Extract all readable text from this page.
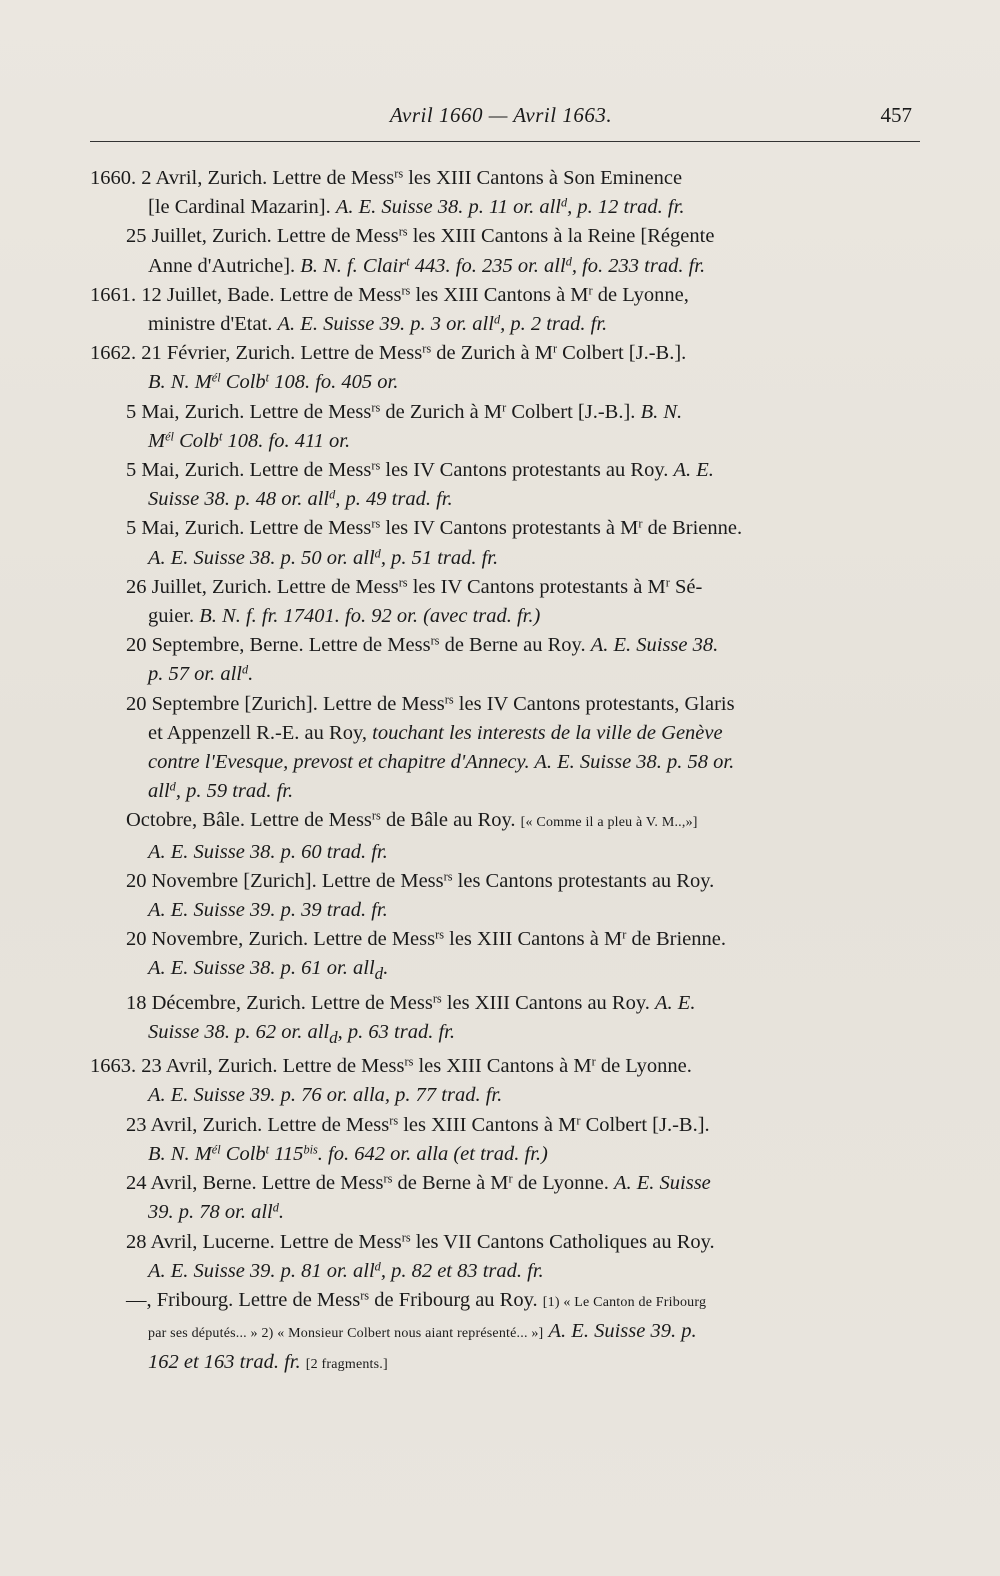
Avril 1660 — Avril 1663.	457

1660. 2 Avril, Zurich. Lettre de Mess$^{rs}$ les XIII Cantons à Son Eminence
[le Cardinal Mazarin]. A. E. Suisse 38. p. 11 or. all$^d$, p. 12 trad. fr.

25 Juillet, Zurich. Lettre de Mess$^{rs}$ les XIII Cantons à la Reine [Régente
Anne d'Autriche]. B. N. f. Clair$^t$ 443. fo. 235 or. all$^d$, fo. 233 trad. fr.

1661. 12 Juillet, Bade. Lettre de Mess$^{rs}$ les XIII Cantons à $M^r$ de Lyonne,
ministre d'Etat. A. E. Suisse 39. p. 3 or. all$^d$, p. 2 trad. fr.

1662. 21 Février, Zurich. Lettre de Mess$^{rs}$ de Zurich à $M^r$ Colbert [J.-B.].
B. N. $M^{él}$ Colb$^t$ 108. fo. 405 or.

5 Mai, Zurich. Lettre de Mess$^{rs}$ de Zurich à $M^r$ Colbert [J.-B.]. B. N.
$M^{él}$ Colb$^t$ 108. fo. 411 or.

5 Mai, Zurich. Lettre de Mess$^{rs}$ les IV Cantons protestants au Roy. A. E.
Suisse 38. p. 48 or. all$^d$, p. 49 trad. fr.

5 Mai, Zurich. Lettre de Mess$^{rs}$ les IV Cantons protestants à $M^r$ de Brienne.
A. E. Suisse 38. p. 50 or. all$^d$, p. 51 trad. fr.

26 Juillet, Zurich. Lettre de Mess$^{rs}$ les IV Cantons protestants à $M^r$ Sé-
guier. B. N. f. fr. 17401. fo. 92 or. (avec trad. fr.)

20 Septembre, Berne. Lettre de Mess$^{rs}$ de Berne au Roy. A. E. Suisse 38.
p. 57 or. all$^d$.

20 Septembre [Zurich]. Lettre de Mess$^{rs}$ les IV Cantons protestants, Glaris
et Appenzell R.-E. au Roy, touchant les interests de la ville de Genève
contre l'Evesque, prevost et chapitre d'Annecy. A. E. Suisse 38. p. 58 or.
all$^d$, p. 59 trad. fr.

Octobre, Bâle. Lettre de Mess$^{rs}$ de Bâle au Roy. [« Comme il a pleu à V. M..,»]
A. E. Suisse 38. p. 60 trad. fr.

20 Novembre [Zurich]. Lettre de Mess$^{rs}$ les Cantons protestants au Roy.
A. E. Suisse 39. p. 39 trad. fr.

20 Novembre, Zurich. Lettre de Mess$^{rs}$ les XIII Cantons à $M^r$ de Brienne.
A. E. Suisse 38. p. 61 or. all$_d$.

18 Décembre, Zurich. Lettre de Mess$^{rs}$ les XIII Cantons au Roy. A. E.
Suisse 38. p. 62 or. all$_d$, p. 63 trad. fr.

1663. 23 Avril, Zurich. Lettre de Mess$^{rs}$ les XIII Cantons à $M^r$ de Lyonne.
A. E. Suisse 39. p. 76 or. alla, p. 77 trad. fr.

23 Avril, Zurich. Lettre de Mess$^{rs}$ les XIII Cantons à $M^r$ Colbert [J.-B.].
B. N. $M^{él}$ Colb$^t$ $115^{bis}$. fo. 642 or. alla (et trad. fr.)

24 Avril, Berne. Lettre de Mess$^{rs}$ de Berne à $M^r$ de Lyonne. A. E. Suisse
39. p. 78 or. all$^d$.

28 Avril, Lucerne. Lettre de Mess$^{rs}$ les VII Cantons Catholiques au Roy.
A. E. Suisse 39. p. 81 or. all$^d$, p. 82 et 83 trad. fr.

—, Fribourg. Lettre de Mess$^{rs}$ de Fribourg au Roy. [1) « Le Canton de Fribourg
par ses députés... » 2) « Monsieur Colbert nous aiant représenté... »] A. E. Suisse 39. p.
162 et 163 trad. fr. [2 fragments.]
